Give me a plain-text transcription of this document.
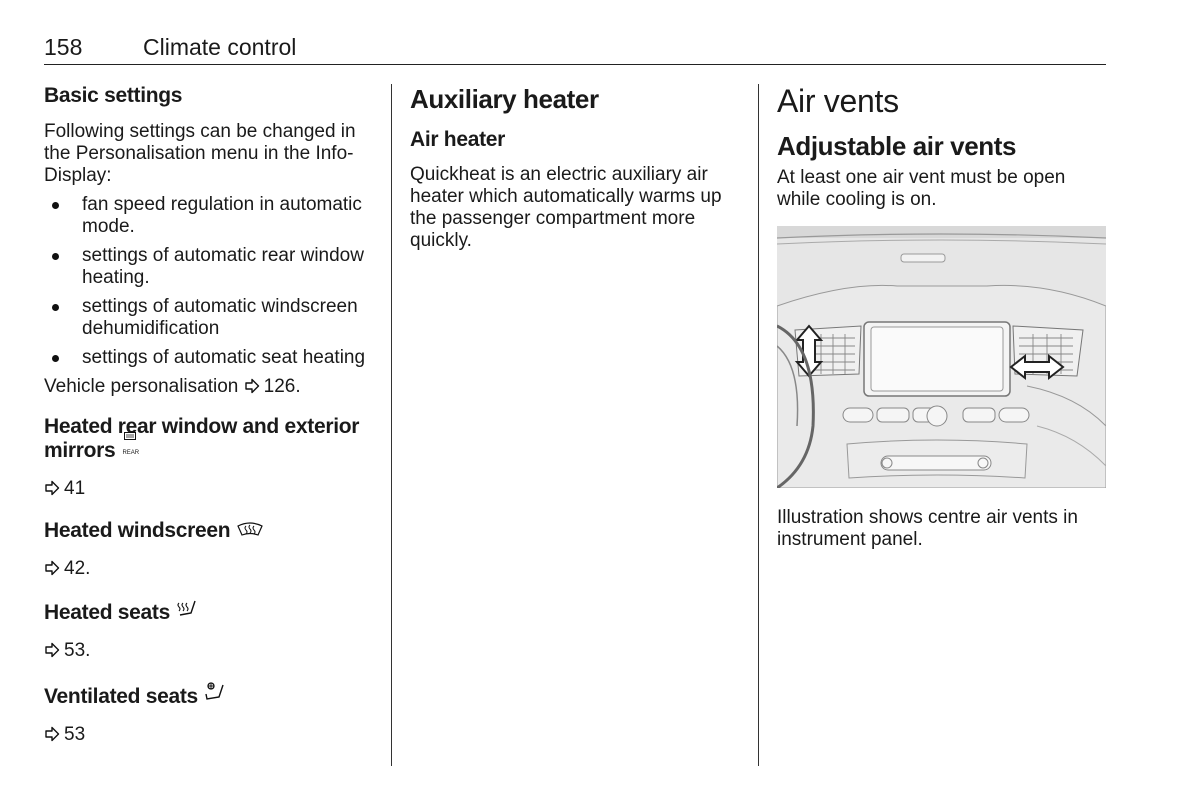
158	Climate control
Basic settings

Following settings can be changed in the Personalisation menu in the Info-Display:

fan speed regulation in automatic mode.
settings of automatic rear window heating.
settings of automatic windscreen dehumidification
settings of automatic seat heating

Vehicle personalisation 126.

Heated rear window and exterior mirrors REAR

41

Heated windscreen

42.

Heated seats

53.

Ventilated seats

53

Auxiliary heater
Air heater

Quickheat is an electric auxiliary air heater which automatically warms up the passenger compartment more quickly.

Air vents
Adjustable air vents

At least one air vent must be open while cooling is on.

Illustration shows centre air vents in instrument panel.
